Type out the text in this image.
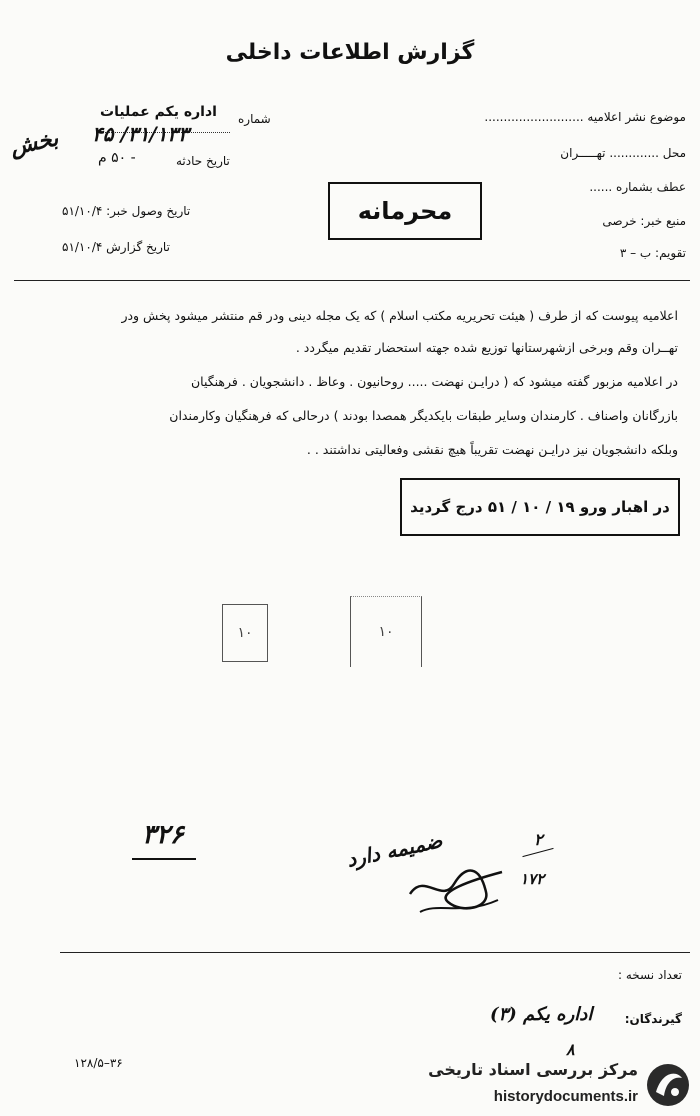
گزارش اطلاعات داخلی
موضوع نشر اعلامیه ..........................
محل ............. تهـــــران
عطف بشماره ......
منبع خبر: خرصی
تقویم: ب – ۳
اداره یکم عملیات شماره
۳۱/۱۳۳/ ۴۵
بخش
تاریخ حادثه
- ۵۰ م
تاریخ وصول خبر: ۵۱/۱۰/۴
تاریخ گزارش ۵۱/۱۰/۴
محرمانه
اعلامیه پیوست که از طرف ( هیئت تحریریه مکتب اسلام ) که یک مجله دینی ودر قم منتشر میشود پخش ودر
تهــران وقم وبرخی ازشهرستانها توزیع شده جهته استحضار تقدیم میگردد .
در اعلامیه مزبور گفته میشود که ( درایـن نهضت ..... روحانیون . وعاظ . دانشجویان . فرهنگیان
بازرگانان واصناف . کارمندان وسایر طبقات بایکدیگر همصدا بودند ) درحالی که فرهنگیان وکارمندان
وبلکه دانشجویان نیز درایـن نهضت تقریباً هیچ نقشی وفعالیتی نداشتند . .
در اهبار ورو ۱۹ / ۱۰ / ۵۱ درج گردید
۱۰	۱۰
۳۲۶	ضمیمه دارد	۲
۱۷۲
تعداد نسخه :
گیرندگان:
اداره یکم (۳)
۸
۳۶–۱۲۸/۵	مرکز بررسی اسناد تاریخی
historydocuments.ir
